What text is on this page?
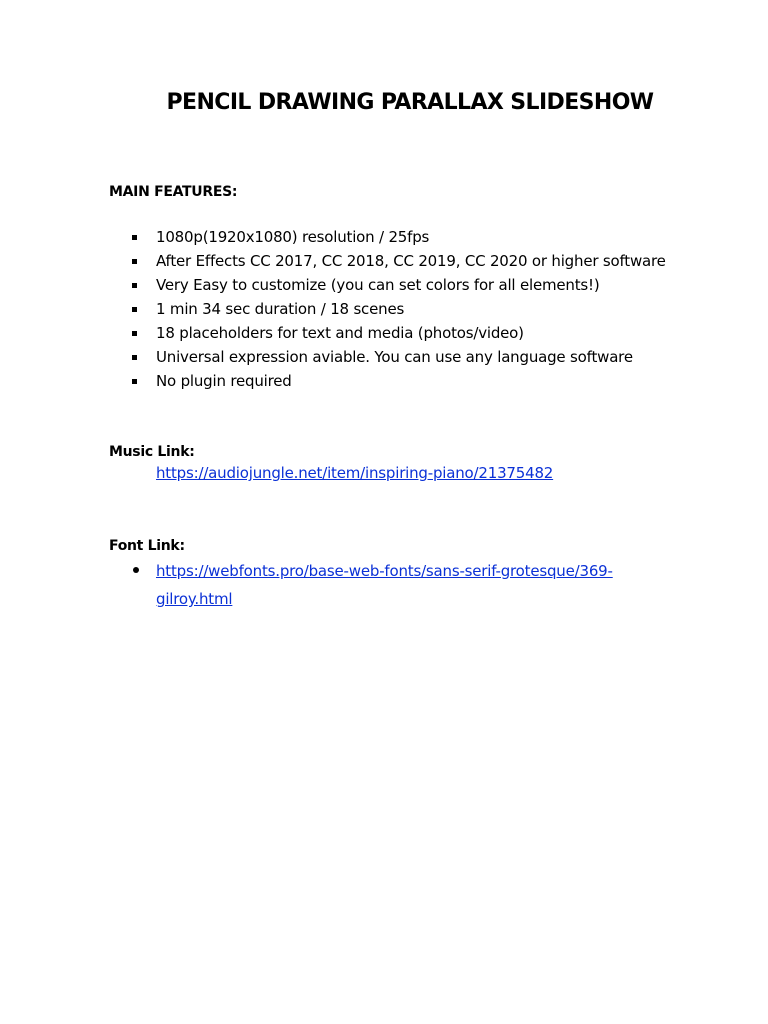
PENCIL DRAWING PARALLAX SLIDESHOW
MAIN FEATURES:
1080p(1920x1080) resolution / 25fps
After Effects CC 2017, CC 2018, CC 2019, CC 2020 or higher software
Very Easy to customize (you can set colors for all elements!)
1 min 34 sec duration / 18 scenes
18 placeholders for text and media (photos/video)
Universal expression aviable. You can use any language software
No plugin required
Music Link:
https://audiojungle.net/item/inspiring-piano/21375482
Font Link:
https://webfonts.pro/base-web-fonts/sans-serif-grotesque/369-gilroy.html
